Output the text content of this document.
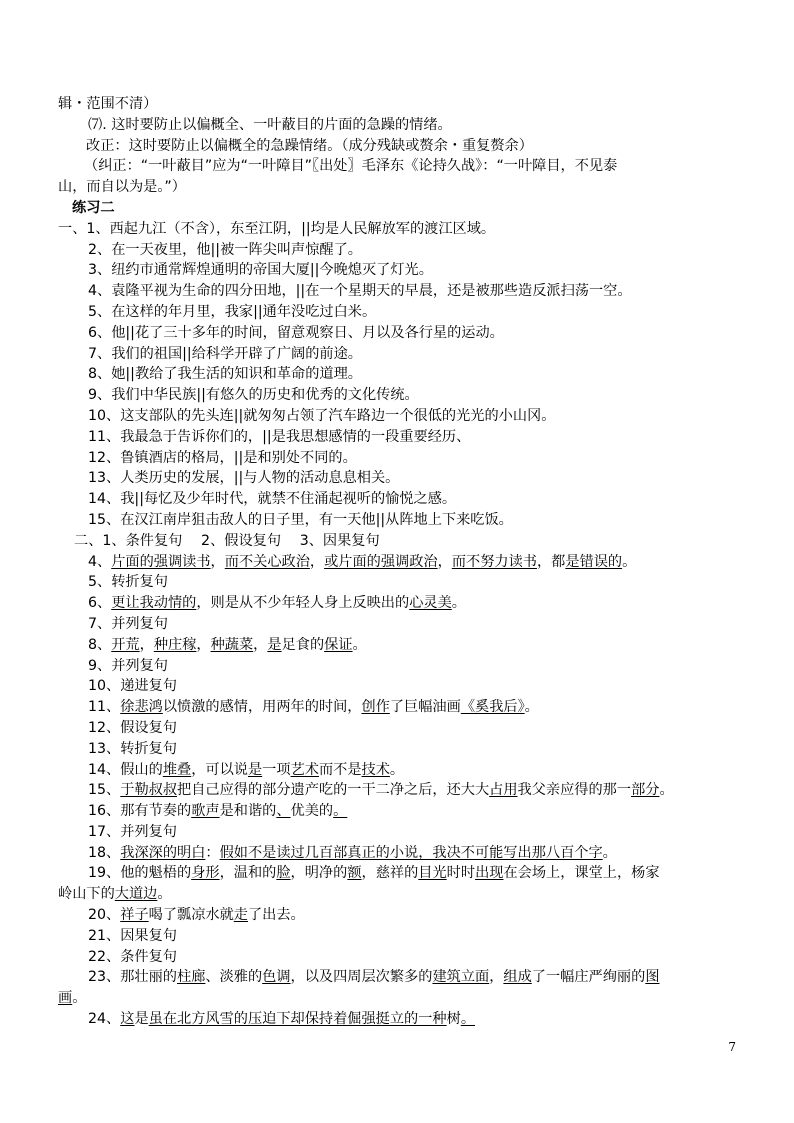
辑・范围不清）
⑺. 这时要防止以偏概全、一叶蔽目的片面的急躁的情绪。
改正：这时要防止以偏概全的急躁情绪。（成分残缺或赘余・重复赘余）
（纠正：“一叶蔽目”应为“一叶障目”〖出处〗毛泽东《论持久战》：“一叶障目，不见泰
山，而自以为是。”）
练习二
一、1、西起九江（不含），东至江阴，||均是人民解放军的渡江区域。
2、在一天夜里，他||被一阵尖叫声惊醒了。
3、纽约市通常辉煌通明的帝国大厦||今晚熄灭了灯光。
4、袁隆平视为生命的四分田地，||在一个星期天的早晨，还是被那些造反派扫荡一空。
5、在这样的年月里，我家||通年没吃过白米。
6、他||花了三十多年的时间，留意观察日、月以及各行星的运动。
7、我们的祖国||给科学开辟了广阔的前途。
8、她||教给了我生活的知识和革命的道理。
9、我们中华民族||有悠久的历史和优秀的文化传统。
10、这支部队的先头连||就匆匆占领了汽车路边一个很低的光光的小山冈。
11、我最急于告诉你们的，||是我思想感情的一段重要经历、
12、鲁镇酒店的格局，||是和别处不同的。
13、人类历史的发展，||与人物的活动息息相关。
14、我||每忆及少年时代，就禁不住涌起视听的愉悦之感。
15、在汉江南岸狙击敌人的日子里，有一天他||从阵地上下来吃饭。
二、1、条件复句　 2、假设复句　 3、因果复句
4、片面的强调读书，而不关心政治，或片面的强调政治，而不努力读书，都是错误的。
5、转折复句
6、更让我动情的，则是从不少年轻人身上反映出的心灵美。
7、并列复句
8、开荒，种庄稼，种蔬菜，是足食的保证。
9、并列复句
10、递进复句
11、徐悲鸿以愤激的感情，用两年的时间，创作了巨幅油画《奚我后》。
12、假设复句
13、转折复句
14、假山的堆叠，可以说是一项艺术而不是技术。
15、于勒叔叔把自己应得的部分遗产吃的一干二净之后，还大大占用我父亲应得的那一部分。
16、那有节奏的歌声是和谐的、优美的。
17、并列复句
18、我深深的明白：假如不是读过几百部真正的小说，我决不可能写出那八百个字。
19、他的魁梧的身形，温和的脸，明净的额，慈祥的目光时时出现在会场上，课堂上，杨家
岭山下的大道边。
20、祥子喝了瓢凉水就走了出去。
21、因果复句
22、条件复句
23、那壮丽的柱廊、淡雅的色调，以及四周层次繁多的建筑立面，组成了一幅庄严绚丽的图
画。
24、这是虽在北方风雪的压迫下却保持着倔强挺立的一种树。
7
